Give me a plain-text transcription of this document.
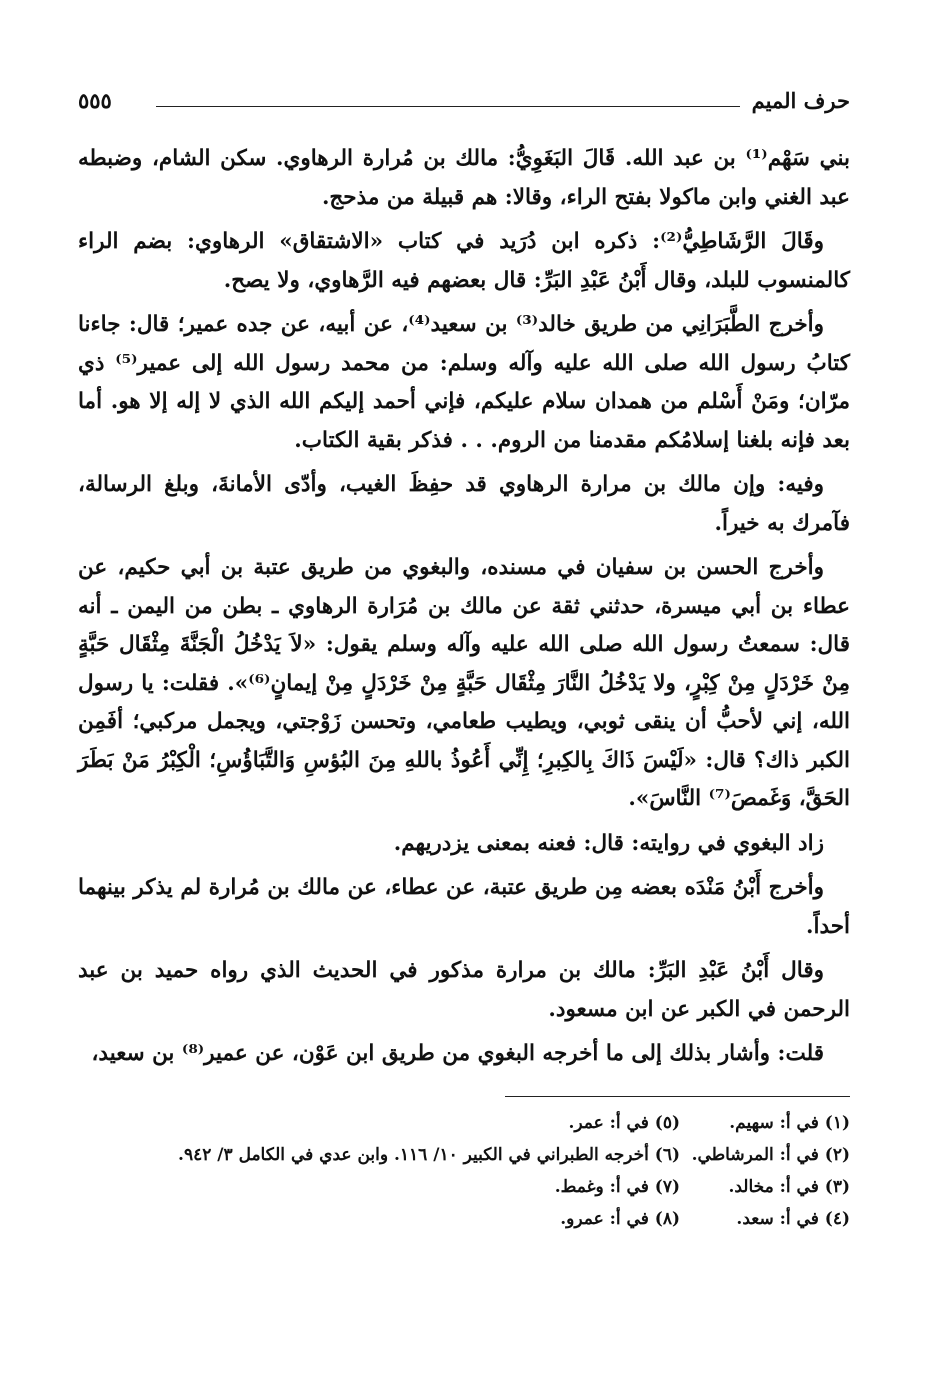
حرف الميم
٥٥٥

بني سَهْم⁽¹⁾ بن عبد الله. قَالَ البَغَوِيُّ: مالك بن مُرارة الرهاوي. سكن الشام، وضبطه عبد الغني وابن ماكولا بفتح الراء، وقالا: هم قبيلة من مذحج.

وقَالَ الرَّشَاطِيُّ⁽²⁾: ذكره ابن دُرَيد في كتاب «الاشتقاق» الرهاوي: بضم الراء كالمنسوب للبلد، وقال أَبْنُ عَبْدِ البَرِّ: قال بعضهم فيه الرَّهاوي، ولا يصح.

وأخرج الطَّبَرَانِي من طريق خالد⁽³⁾ بن سعيد⁽⁴⁾، عن أبيه، عن جده عمير؛ قال: جاءنا كتابُ رسول الله صلى الله عليه وآله وسلم: من محمد رسول الله إلى عمير⁽⁵⁾ ذي مرّان؛ ومَنْ أَسْلم من همدان سلام عليكم، فإني أحمد إليكم الله الذي لا إله إلا هو. أما بعد فإنه بلغنا إسلامُكم مقدمنا من الروم. . . فذكر بقية الكتاب.

وفيه: وإن مالك بن مرارة الرهاوي قد حفِظَ الغيب، وأدّى الأمانةَ، وبلغ الرسالة، فآمرك به خيراً.

وأخرج الحسن بن سفيان في مسنده، والبغوي من طريق عتبة بن أبي حكيم، عن عطاء بن أبي ميسرة، حدثني ثقة عن مالك بن مُرَارة الرهاوي ـ بطن من اليمن ـ أنه قال: سمعتُ رسول الله صلى الله عليه وآله وسلم يقول: «لاَ يَدْخُلُ الْجَنَّةَ مِثْقَال حَبَّةٍ مِنْ خَرْدَلٍ مِنْ كِبْرٍ، ولا يَدْخُلُ النَّارَ مِثْقَال حَبَّةٍ مِنْ خَرْدَلٍ مِنْ إيمانٍ⁽⁶⁾». فقلت: يا رسول الله، إني لأحبُّ أن ينقى ثوبي، ويطيب طعامي، وتحسن زَوْجتي، ويجمل مركبي؛ أفَمِن الكبر ذاك؟ قال: «لَيْسَ ذَاكَ بِالكِبرِ؛ إِنِّي أَعُوذُ باللهِ مِنَ البُؤسِ وَالتَّبَاؤُسِ؛ الْكِبْرُ مَنْ بَطَرَ الحَقَّ، وَغَمصَ⁽⁷⁾ النَّاسَ».

زاد البغوي في روايته: قال: فعنه بمعنى يزدريهم.

وأخرج أَبْنُ مَنْدَه بعضه مِن طريق عتبة، عن عطاء، عن مالك بن مُرارة لم يذكر بينهما أحداً.

وقال أَبْنُ عَبْدِ البَرِّ: مالك بن مرارة مذكور في الحديث الذي رواه حميد بن عبد الرحمن في الكبر عن ابن مسعود.

قلت: وأشار بذلك إلى ما أخرجه البغوي من طريق ابن عَوْن، عن عمير⁽⁸⁾ بن سعيد،

(١) في أ: سهيم.
(٢) في أ: المرشاطي.
(٣) في أ: مخالد.
(٤) في أ: سعد.
(٥) في أ: عمر.
(٦) أخرجه الطبراني في الكبير ١٠/ ١١٦. وابن عدي في الكامل ٣/ ٩٤٢.
(٧) في أ: وغمط.
(٨) في أ: عمرو.
